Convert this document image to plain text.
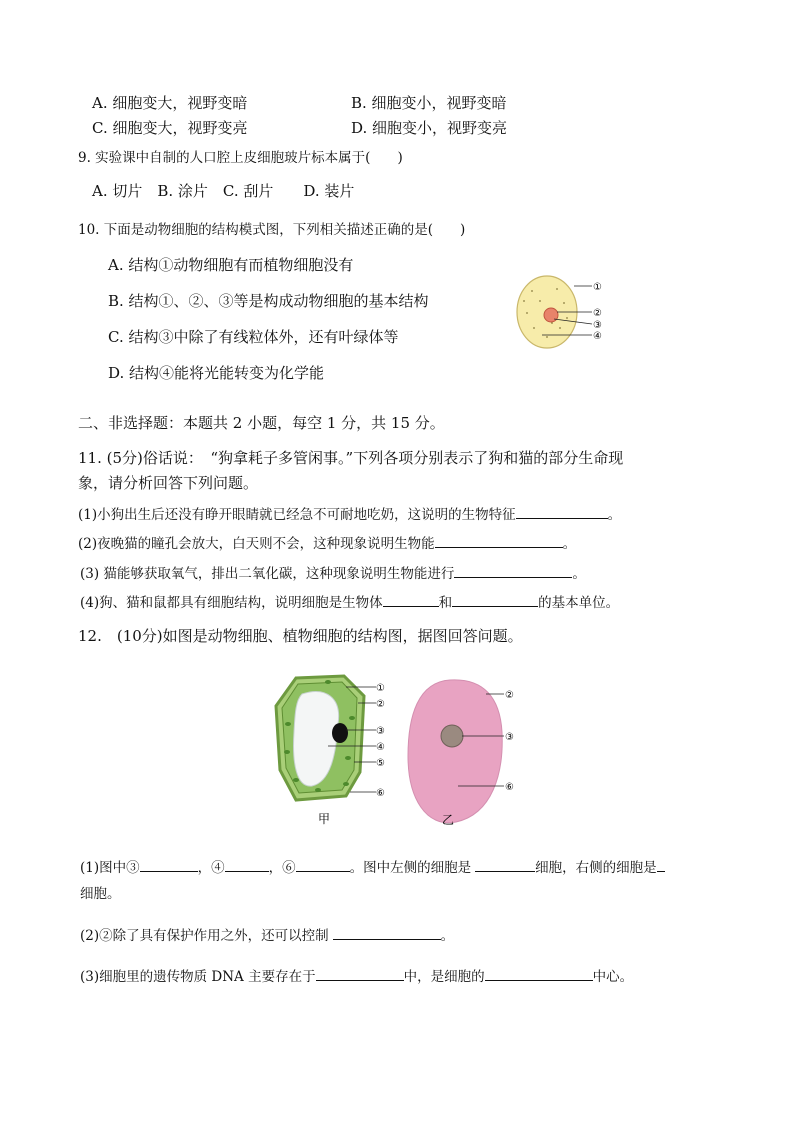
A. 细胞变大，视野变暗	B. 细胞变小，视野变暗
C. 细胞变大，视野变亮	D. 细胞变小，视野变亮
9. 实验课中自制的人口腔上皮细胞玻片标本属于(　　)
A. 切片　B. 涂片　C. 刮片　　D. 装片
10. 下面是动物细胞的结构模式图，下列相关描述正确的是(　　)
A. 结构①动物细胞有而植物细胞没有
B. 结构①、②、③等是构成动物细胞的基本结构
C. 结构③中除了有线粒体外，还有叶绿体等
D. 结构④能将光能转变为化学能
①
②
③
④
二、非选择题：本题共 2 小题，每空 1 分，共 15 分。
11. (5分)俗话说：　“狗拿耗子多管闲事。”下列各项分别表示了狗和猫的部分生命现
象，请分析回答下列问题。
(1)小狗出生后还没有睁开眼睛就已经急不可耐地吃奶，这说明的生物特征	。
(2)夜晚猫的瞳孔会放大，白天则不会，这种现象说明生物能	。
(3) 猫能够获取氧气，排出二氧化碳，这种现象说明生物能进行	。
(4)狗、猫和鼠都具有细胞结构，说明细胞是生物体	和	的基本单位。
12.　(10分)如图是动物细胞、植物细胞的结构图，据图回答问题。
①
②
③
④
⑤
⑥
甲
②
③
⑥
乙
(1)图中③	，④	，⑥	。图中左侧的细胞是	细胞，右侧的细胞是
细胞。
(2)②除了具有保护作用之外，还可以控制	。
(3)细胞里的遗传物质 DNA 主要存在于	中，是细胞的	中心。
